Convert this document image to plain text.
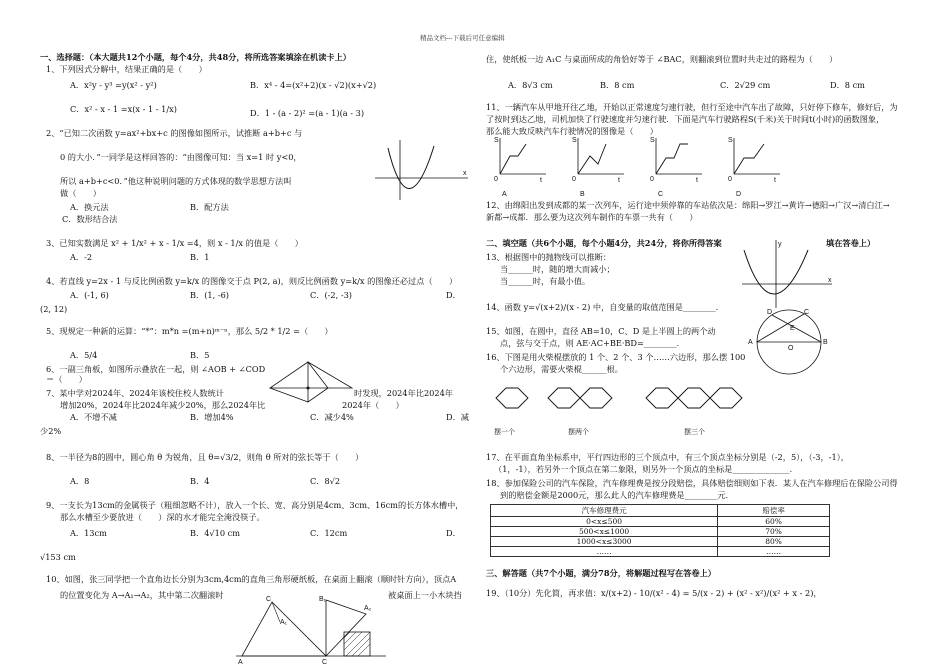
精品文档---下载后可任意编辑
一、选择题：（本大题共12个小题，每个4分，共48分，将所选答案填涂在机读卡上）
1、下列因式分解中，结果正确的是（　　）
A．x²y - y³ =y(x² - y²)	B．x⁴ - 4=(x²+2)(x - √2)(x+√2)
C．x² - x - 1 =x(x - 1 - 1/x)	D．1 - (a - 2)² =(a - 1)(a - 3)
2、“已知二次函数 y=ax²+bx+c 的图像如图所示，试推断 a+b+c 与
0 的大小．”一同学是这样回答的：“由图像可知：当 x=1 时 y<0，
所以 a+b+c<0．”他这种说明问题的方式体现的数学思想方法叫
做（　　）
A．换元法	B．配方法
C．数形结合法
x
3、已知实数满足 x² + 1/x² + x - 1/x =4，则 x - 1/x 的值是（　　）
A．-2	B．1
4、若直线 y=2x - 1 与反比例函数 y=k/x 的图像交于点 P(2, a)，则反比例函数 y=k/x 的图像还必过点（　　）
A．(-1, 6)	B．(1, -6)	C．(-2, -3)	D．
(2, 12)
5、现规定一种新的运算：“*”：m*n =(m+n)ᵐ⁻ⁿ，那么 5/2 * 1/2 =（　　）
A．5/4	B．5
6、一副三角板，如图所示叠放在一起，则 ∠AOB + ∠COD
＝（　　）
7、某中学对2024年、2024年该校住校人数统计	时发现，2024年比2024年
增加20%，2024年比2024年减少20%，那么2024年比	2024年（　　）
A．不增不减	B．增加4%	C．减少4%	D．减
少2%
8、一半径为8的圆中，圆心角 θ 为锐角，且 θ=√3/2，则角 θ 所对的弦长等于（　　）
A．8	B．4	C．8√2
9、一支长为13cm的金属筷子（粗细忽略不计），放入一个长、宽、高分别是4cm、3cm、16cm的长方体水槽中，
那么水槽至少要放进（　　）深的水才能完全淹没筷子。
A．13cm	B．4√10 cm	C．12cm	D．
√153 cm
10、如图，张三同学把一个直角边长分别为3cm,4cm的直角三角形硬纸板，在桌面上翻滚（顺时针方向），顶点A
的位置变化为 A→A₁→A₂，其中第二次翻滚时	被桌面上一小木块挡
A
C
A₁
C
B₁
A₂
住，使纸板一边 A₁C 与桌面所成的角恰好等于 ∠BAC，则翻滚到位置时共走过的路程为（　　）
A．8√3 cm	B．8 cm	C．2√29 cm	D．8 cm
11、一辆汽车从甲地开往乙地，开始以正常速度匀速行驶，但行至途中汽车出了故障，只好停下修车，修好后，为
了按时到达乙地，司机加快了行驶速度并匀速行驶．下面是汽车行驶路程S(千米)关于时间t(小时)的函数图象，
那么能大致反映汽车行驶情况的图像是（　　）
S
0	t
A
S
0	t
B
S
0	t
C
S
0	t
D
12、由绵阳出发到成都的某一次列车，运行途中须停靠的车站依次是：绵阳→罗江→黄许→德阳→广汉→清白江→
新都→成都．那么要为这次列车制作的车票一共有（　　）
二、填空题（共6个小题，每个小题4分，共24分，将你所得答案	填在答卷上）
13、根据图中的抛物线可以推断：
当______时，随的增大而减小；
当______时，有最小值。	x
y
14、函数 y=√(x+2)/(x - 2) 中，自变量的取值范围是________．
15、如图，在圆中，直径 AB=10，C、D 是上半圆上的两个动
点，弦与交于点，则 AE·AC+BE·BD=________．	A	B
O
D	C
E
16、下图是用火柴棍摆放的 1 个、2 个、3 个……六边形，那么摆 100
个六边形，需要火柴棍______根。
摆一个	摆两个	摆三个
17、在平面直角坐标系中，平行四边形的三个顶点中，有三个顶点坐标分别是（-2，5），（-3，-1），
（1，-1），若另外一个顶点在第二象限，则另外一个顶点的坐标是______________．
18、参加保险公司的汽车保险，汽车修理费是按分段赔偿，具体赔偿细则如下表．某人在汽车修理后在保险公司得
到的赔偿金额是2000元，那么此人的汽车修理费是________元.
汽车修理费元	赔偿率
0<x≤500	60%
500<x≤1000	70%
1000<x≤3000	80%
……	……
三、解答题（共7个小题，满分78分，将解题过程写在答卷上）
19、（10分）先化简，再求值：x/(x+2) - 10/(x² - 4) = 5/(x - 2) + (x² - x²)/(x² + x - 2)，
